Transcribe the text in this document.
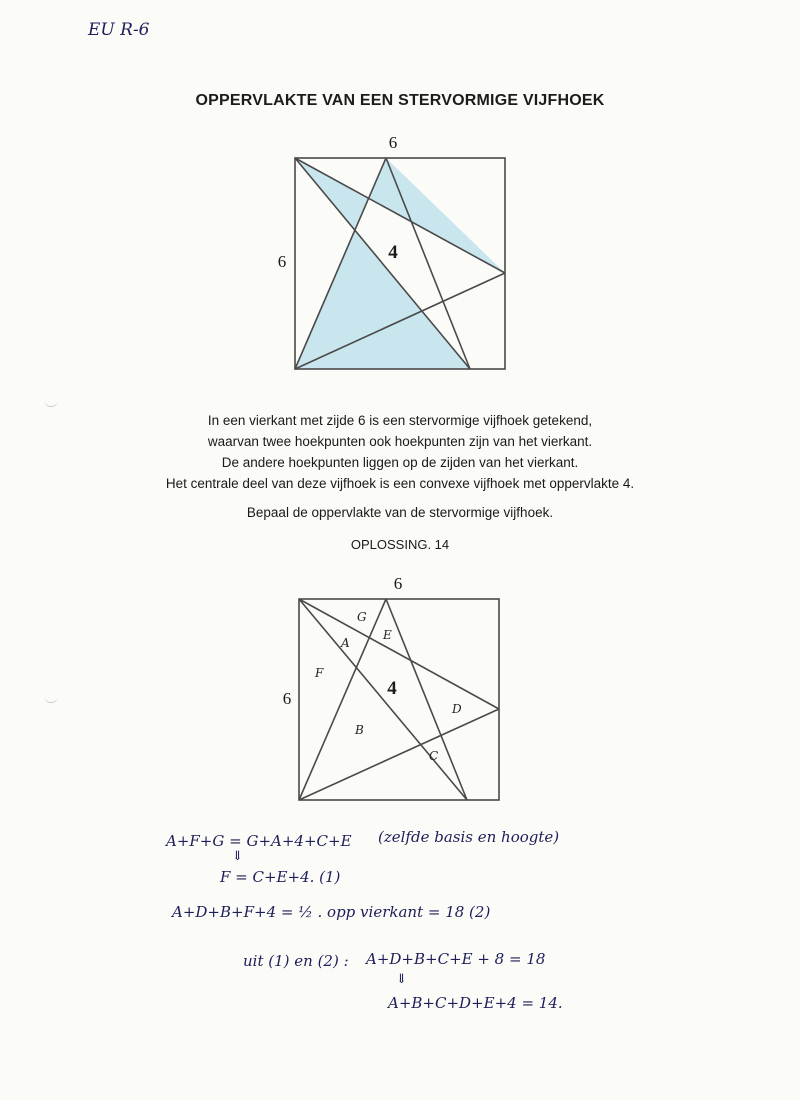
EU R-6
OPPERVLAKTE VAN EEN STERVORMIGE VIJFHOEK
6
6	4
In een vierkant met zijde 6 is een stervormige vijfhoek getekend,
waarvan twee hoekpunten ook hoekpunten zijn van het vierkant.
De andere hoekpunten liggen op de zijden van het vierkant.
Het centrale deel van deze vijfhoek is een convexe vijfhoek met oppervlakte 4.
Bepaal de oppervlakte van de stervormige vijfhoek.
OPLOSSING. 14
6
6	4
G
A
E
F
B
D
C
A+F+G = G+A+4+C+E (zelfde basis en hoogte)
⇓
F = C+E+4. (1)
A+D+B+F+4 = ½ . opp vierkant = 18 (2)
uit (1) en (2) : A+D+B+C+E + 8 = 18
⇓
A+B+C+D+E+4 = 14.
